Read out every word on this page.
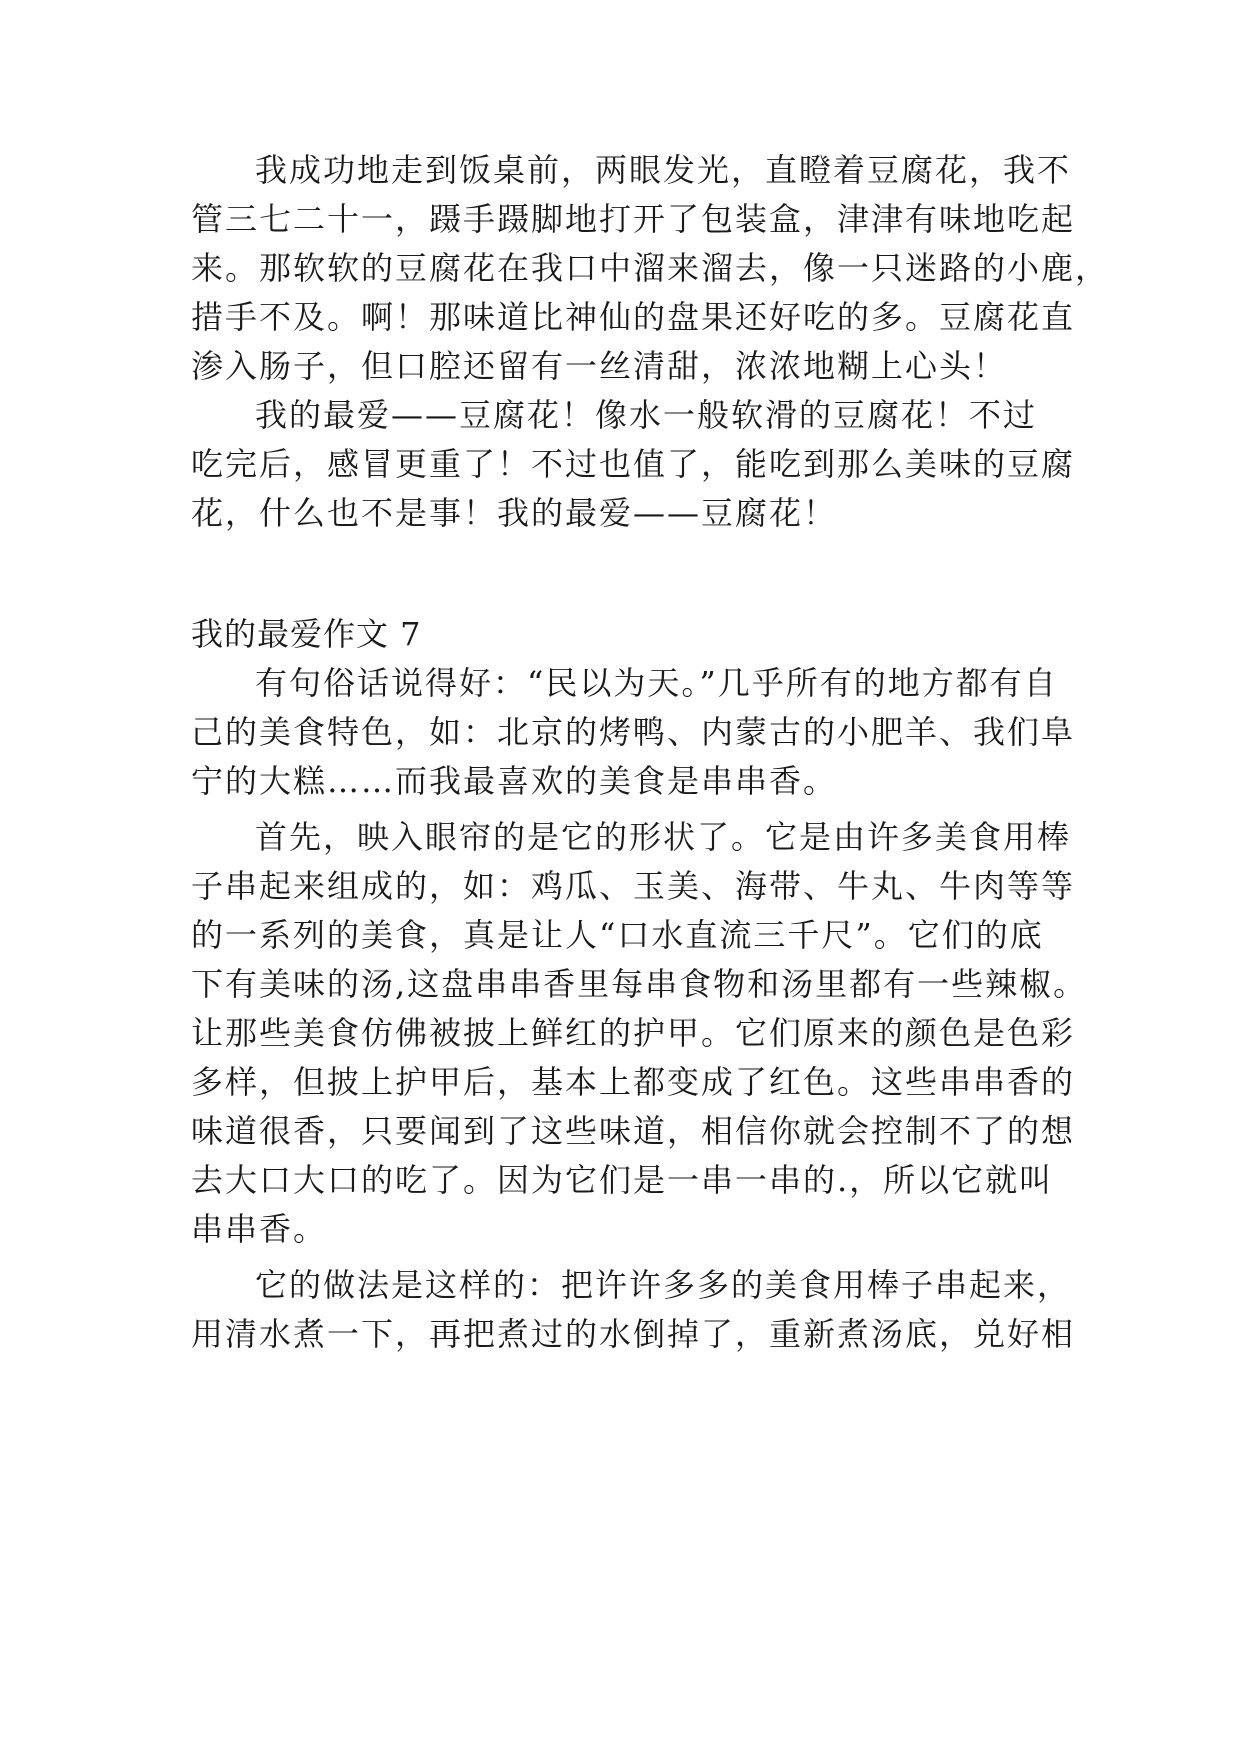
我成功地走到饭桌前，两眼发光，直瞪着豆腐花，我不
管三七二十一，蹑手蹑脚地打开了包装盒，津津有味地吃起
来。那软软的豆腐花在我口中溜来溜去，像一只迷路的小鹿，
措手不及。啊！那味道比神仙的盘果还好吃的多。豆腐花直
渗入肠子，但口腔还留有一丝清甜，浓浓地糊上心头！
我的最爱——豆腐花！像水一般软滑的豆腐花！不过
吃完后，感冒更重了！不过也值了，能吃到那么美味的豆腐
花，什么也不是事！我的最爱——豆腐花！
我的最爱作文 7
有句俗话说得好：“民以为天。”几乎所有的地方都有自
己的美食特色，如：北京的烤鸭、内蒙古的小肥羊、我们阜
宁的大糕……而我最喜欢的美食是串串香。
首先，映入眼帘的是它的形状了。它是由许多美食用棒
子串起来组成的，如：鸡瓜、玉美、海带、牛丸、牛肉等等
的一系列的美食，真是让人“口水直流三千尺”。它们的底
下有美味的汤,这盘串串香里每串食物和汤里都有一些辣椒。
让那些美食仿佛被披上鲜红的护甲。它们原来的颜色是色彩
多样，但披上护甲后，基本上都变成了红色。这些串串香的
味道很香，只要闻到了这些味道，相信你就会控制不了的想
去大口大口的吃了。因为它们是一串一串的.，所以它就叫
串串香。
它的做法是这样的：把许许多多的美食用棒子串起来，
用清水煮一下，再把煮过的水倒掉了，重新煮汤底，兑好相
